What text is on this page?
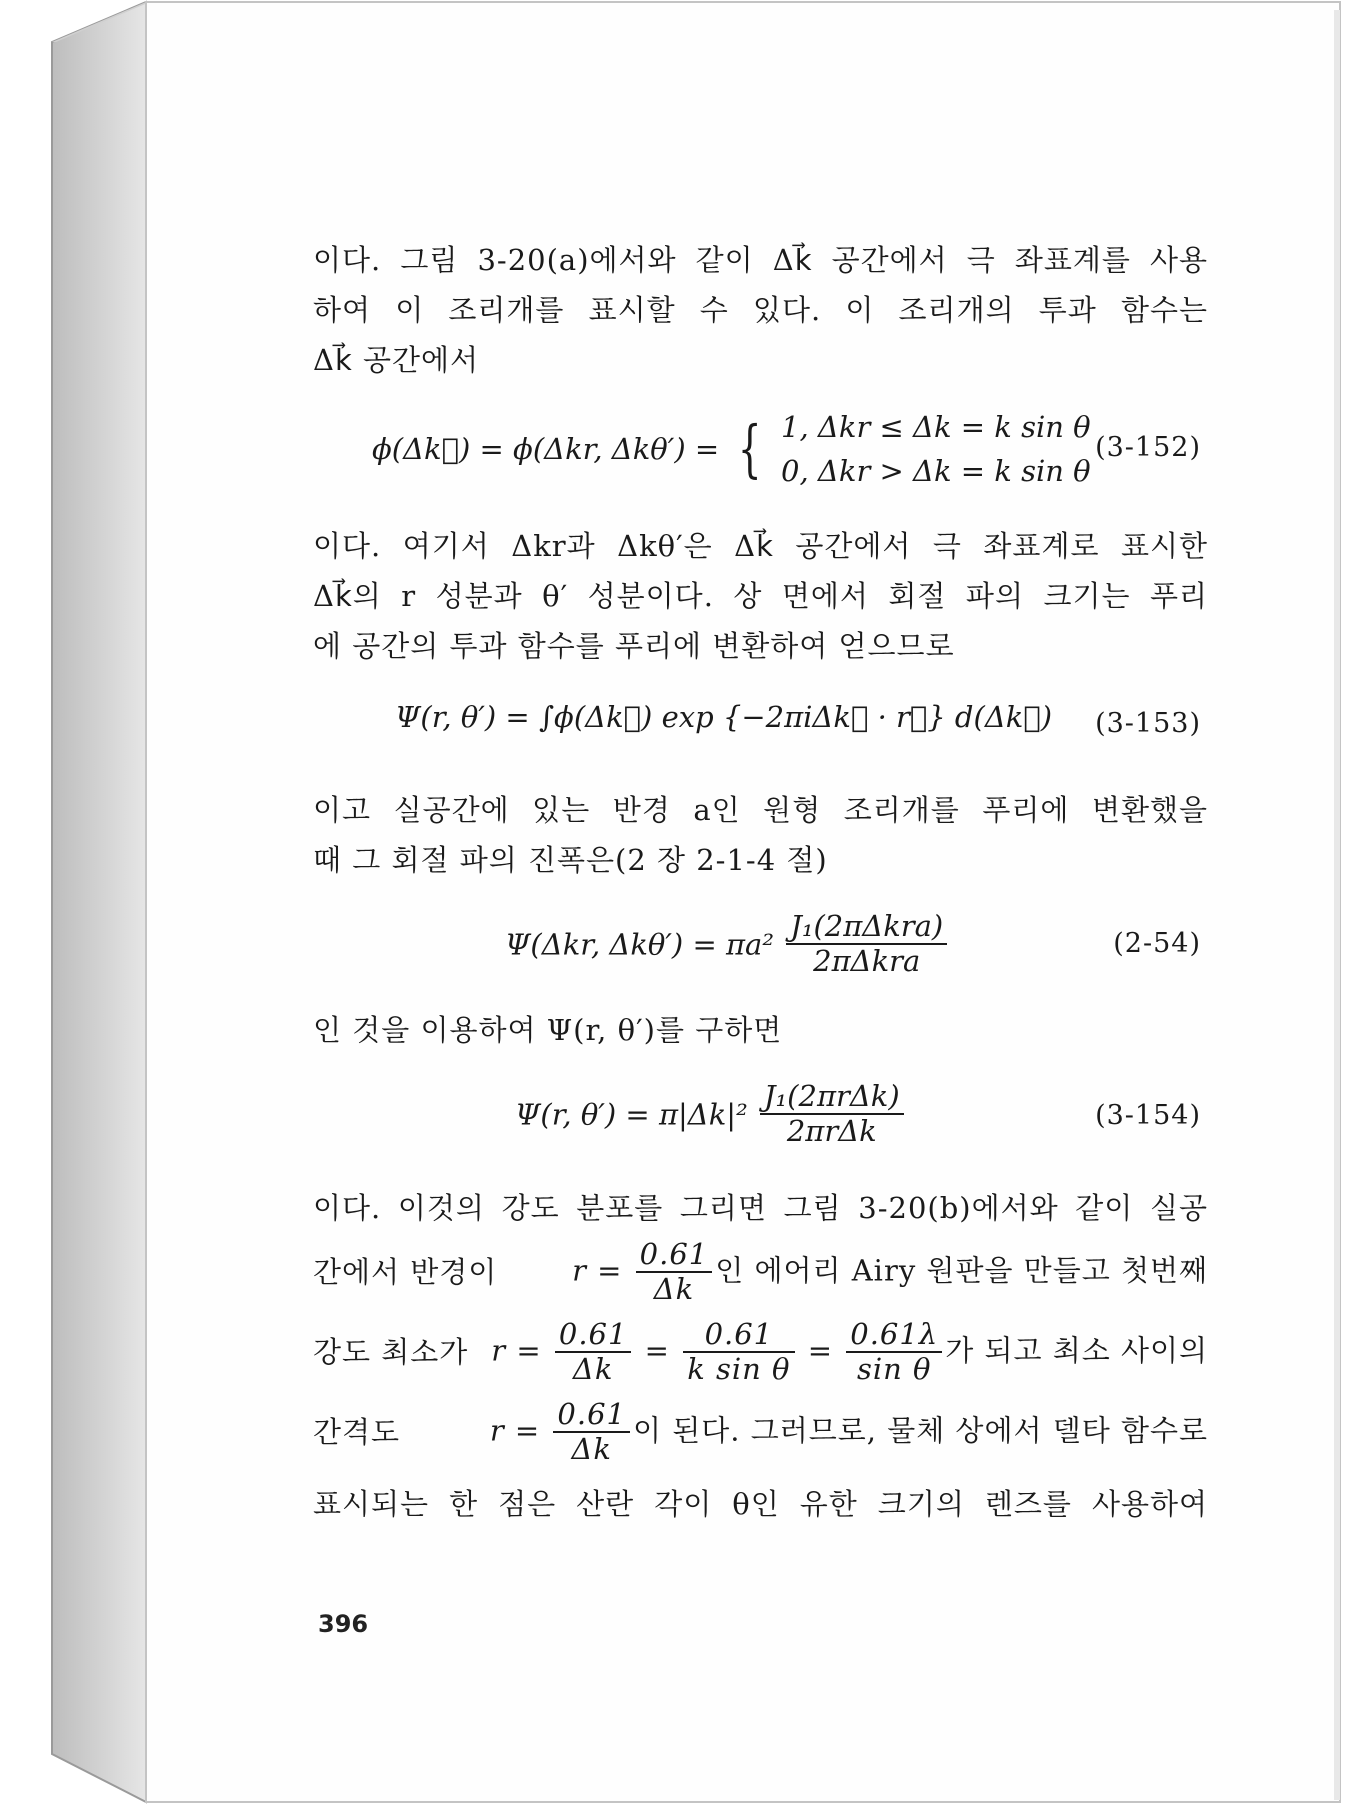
이다. 그림 3-20(a)에서와 같이 Δk⃗ 공간에서 극 좌표계를 사용
하여 이 조리개를 표시할 수 있다. 이 조리개의 투과 함수는
Δk⃗ 공간에서
ϕ(Δk⃗) = ϕ(Δkr, Δkθ′) = { 1, Δkr ≤ Δk = k sin θ
0, Δkr > Δk = k sin θ
(3-152)
이다. 여기서 Δkr과 Δkθ′은 Δk⃗ 공간에서 극 좌표계로 표시한
Δk⃗의 r 성분과 θ′ 성분이다. 상 면에서 회절 파의 크기는 푸리
에 공간의 투과 함수를 푸리에 변환하여 얻으므로
Ψ(r, θ′) = ∫ϕ(Δk⃗) exp {−2πiΔk⃗ · r⃗} d(Δk⃗) (3-153)
이고 실공간에 있는 반경 a인 원형 조리개를 푸리에 변환했을
때 그 회절 파의 진폭은(2 장 2-1-4 절)
Ψ(Δkr, $\Delta k\theta') = \pi a^2 \frac{\text{J₁(2πΔkra)}}{\text{2πΔkra}}$	(2-54)
인 것을 이용하여 Ψ(r, θ′)를 구하면
Ψ(r, $\theta') = \pi|\Delta k|^2 \frac{\text{J₁(2πrΔk)}}{\text{2πrΔk}}$	(3-154)
이다. 이것의 강도 분포를 그리면 그림 3-20(b)에서와 같이 실공
간에서 반경이	$r = \frac{0.61}{\Delta k}$ 인 에어리 Airy 원판을 만들고 첫번째
강도 최소가 $r = \frac{0.61}{\Delta k} = \frac{0.61}{\text{k sin θ}} = \frac{0.61\lambda}{\text{sin θ}}$ 가 되고 최소 사이의
간격도	$r = \frac{0.61}{\Delta k}$ 이 된다. 그러므로, 물체 상에서 델타 함수로
표시되는 한 점은 산란 각이 θ인 유한 크기의 렌즈를 사용하여
396
